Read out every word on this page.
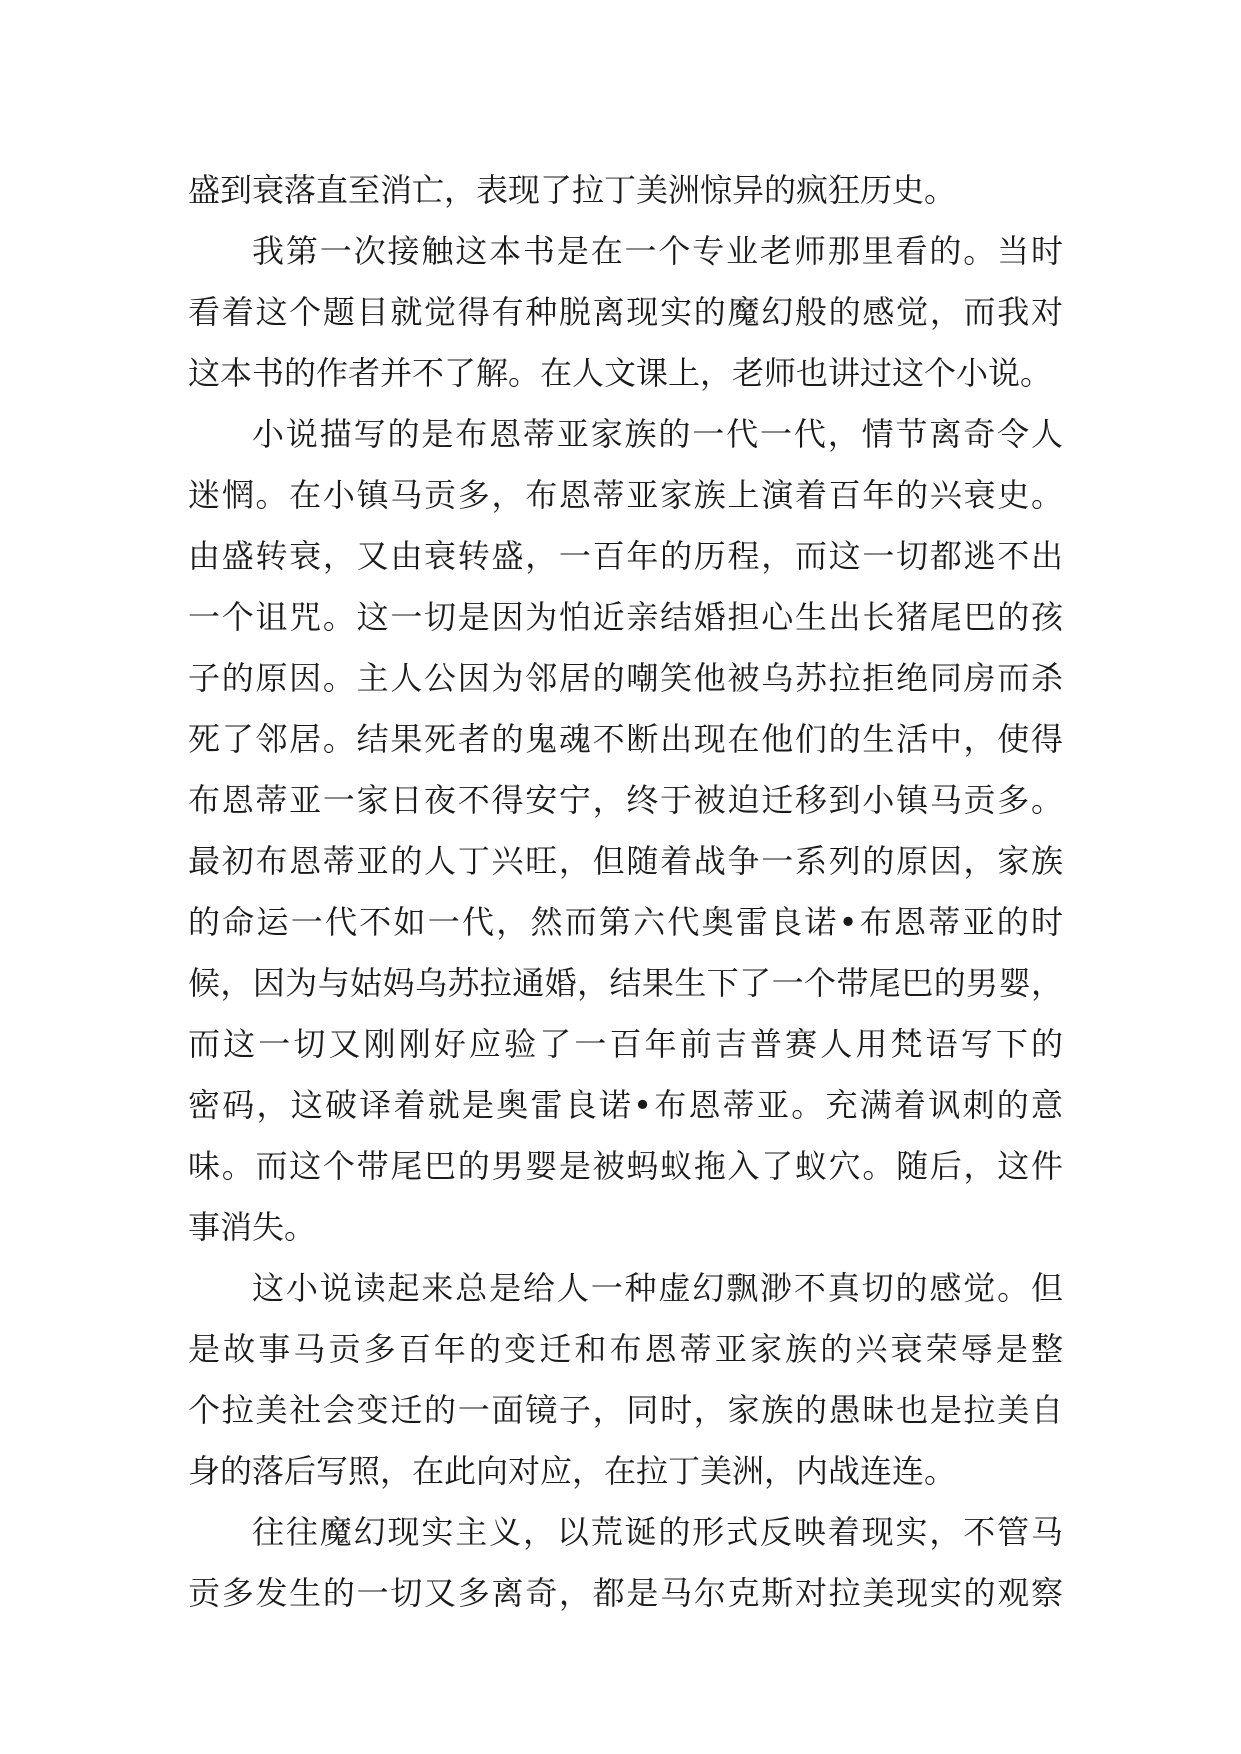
盛到衰落直至消亡，表现了拉丁美洲惊异的疯狂历史。
我第一次接触这本书是在一个专业老师那里看的。当时
看着这个题目就觉得有种脱离现实的魔幻般的感觉，而我对
这本书的作者并不了解。在人文课上，老师也讲过这个小说。
小说描写的是布恩蒂亚家族的一代一代，情节离奇令人
迷惘。在小镇马贡多，布恩蒂亚家族上演着百年的兴衰史。
由盛转衰，又由衰转盛，一百年的历程，而这一切都逃不出
一个诅咒。这一切是因为怕近亲结婚担心生出长猪尾巴的孩
子的原因。主人公因为邻居的嘲笑他被乌苏拉拒绝同房而杀
死了邻居。结果死者的鬼魂不断出现在他们的生活中，使得
布恩蒂亚一家日夜不得安宁，终于被迫迁移到小镇马贡多。
最初布恩蒂亚的人丁兴旺，但随着战争一系列的原因，家族
的命运一代不如一代，然而第六代奥雷良诺•布恩蒂亚的时
候，因为与姑妈乌苏拉通婚，结果生下了一个带尾巴的男婴，
而这一切又刚刚好应验了一百年前吉普赛人用梵语写下的
密码，这破译着就是奥雷良诺•布恩蒂亚。充满着讽刺的意
味。而这个带尾巴的男婴是被蚂蚁拖入了蚁穴。随后，这件
事消失。
这小说读起来总是给人一种虚幻飘渺不真切的感觉。但
是故事马贡多百年的变迁和布恩蒂亚家族的兴衰荣辱是整
个拉美社会变迁的一面镜子，同时，家族的愚昧也是拉美自
身的落后写照，在此向对应，在拉丁美洲，内战连连。
往往魔幻现实主义，以荒诞的形式反映着现实，不管马
贡多发生的一切又多离奇，都是马尔克斯对拉美现实的观察
